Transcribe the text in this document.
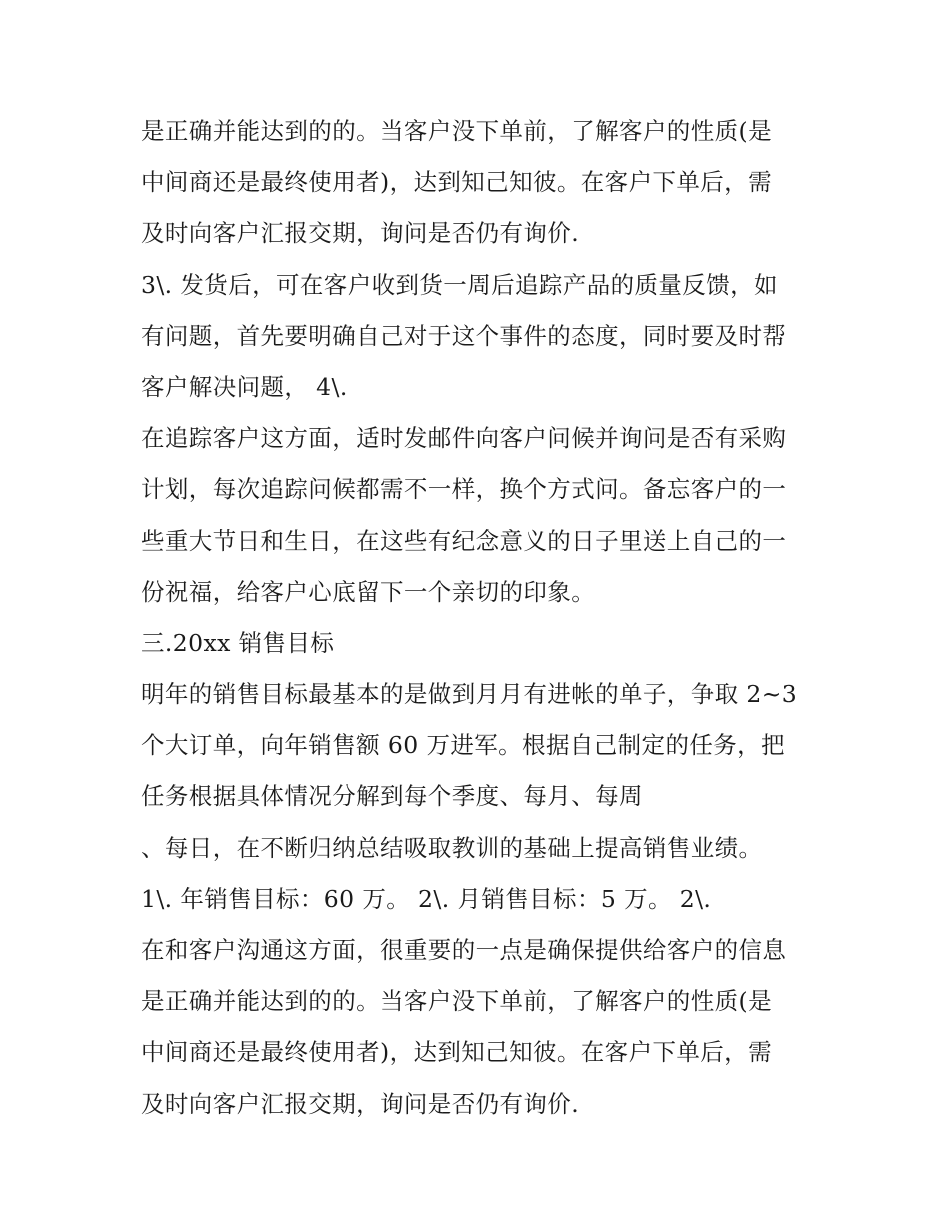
是正确并能达到的的。当客户没下单前，了解客户的性质(是
中间商还是最终使用者)，达到知己知彼。在客户下单后，需
及时向客户汇报交期，询问是否仍有询价.
3\. 发货后，可在客户收到货一周后追踪产品的质量反馈，如
有问题，首先要明确自己对于这个事件的态度，同时要及时帮
客户解决问题， 4\.
在追踪客户这方面，适时发邮件向客户问候并询问是否有采购
计划，每次追踪问候都需不一样，换个方式问。备忘客户的一
些重大节日和生日，在这些有纪念意义的日子里送上自己的一
份祝福，给客户心底留下一个亲切的印象。
三.20xx 销售目标
明年的销售目标最基本的是做到月月有进帐的单子，争取 2~3
个大订单，向年销售额 60 万进军。根据自己制定的任务，把
任务根据具体情况分解到每个季度、每月、每周
、每日，在不断归纳总结吸取教训的基础上提高销售业绩。
1\. 年销售目标：60 万。 2\. 月销售目标：5 万。 2\.
在和客户沟通这方面，很重要的一点是确保提供给客户的信息
是正确并能达到的的。当客户没下单前，了解客户的性质(是
中间商还是最终使用者)，达到知己知彼。在客户下单后，需
及时向客户汇报交期，询问是否仍有询价.
